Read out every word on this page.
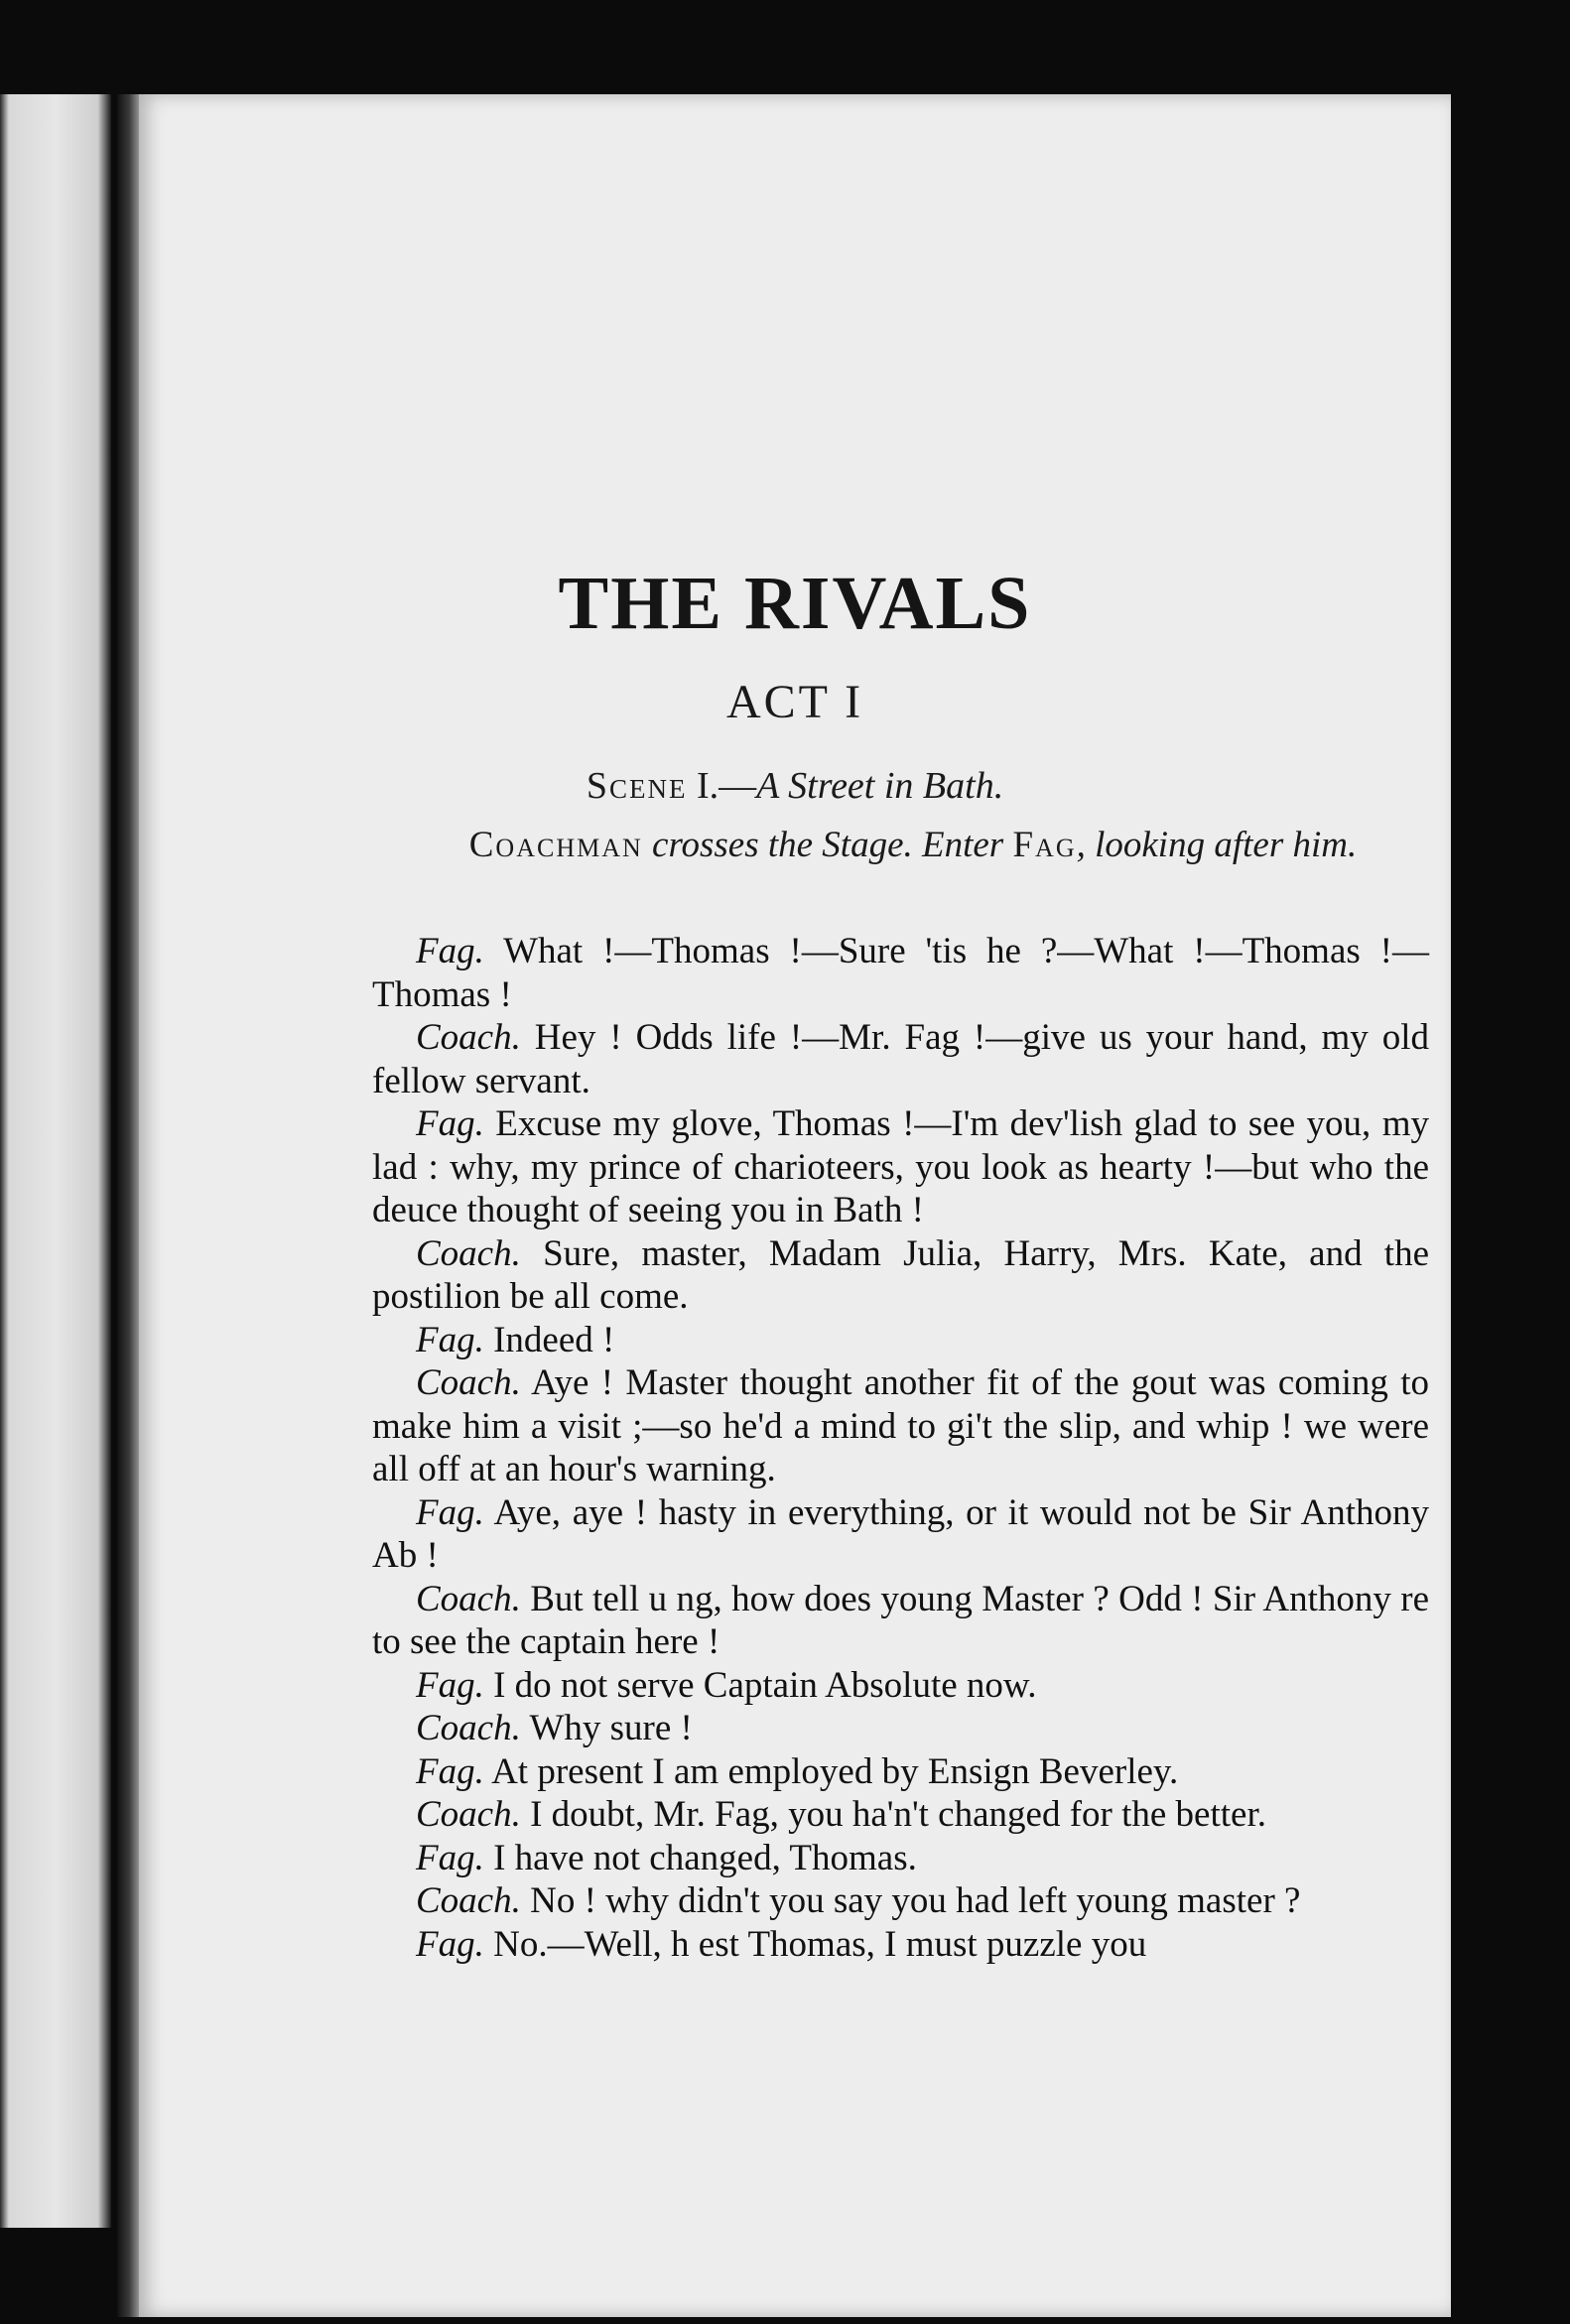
THE RIVALS
ACT I
Scene I.—A Street in Bath.
Coachman crosses the Stage. Enter Fag, looking after him.

Fag. What !—Thomas !—Sure 'tis he ?—What !—Thomas !—Thomas !

Coach. Hey ! Odds life !—Mr. Fag !—give us your hand, my old fellow servant.

Fag. Excuse my glove, Thomas !—I'm dev'lish glad to see you, my lad : why, my prince of charioteers, you look as hearty !—but who the deuce thought of seeing you in Bath !

Coach. Sure, master, Madam Julia, Harry, Mrs. Kate, and the postilion be all come.

Fag. Indeed !

Coach. Aye ! Master thought another fit of the gout was coming to make him a visit ;—so he'd a mind to gi't the slip, and whip ! we were all off at an hour's warning.

Fag. Aye, aye ! hasty in everything, or it would not be Sir Anthony Ab !

Coach. But tell u ng, how does young Master ? Odd ! Sir Anthony re to see the captain here !

Fag. I do not serve Captain Absolute now.

Coach. Why sure !

Fag. At present I am employed by Ensign Beverley.

Coach. I doubt, Mr. Fag, you ha'n't changed for the better.

Fag. I have not changed, Thomas.

Coach. No ! why didn't you say you had left young master ?

Fag. No.—Well, h est Thomas, I must puzzle you
